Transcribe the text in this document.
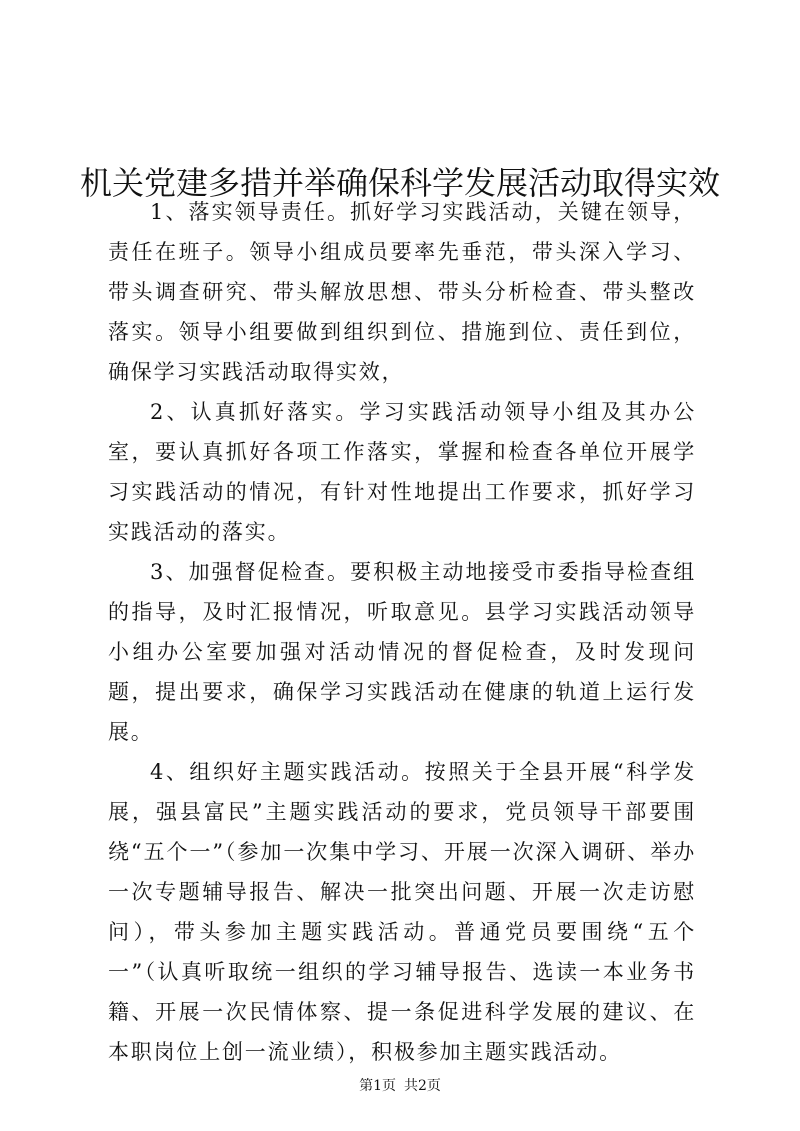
机关党建多措并举确保科学发展活动取得实效

1、落实领导责任。抓好学习实践活动，关键在领导，责任在班子。领导小组成员要率先垂范，带头深入学习、带头调查研究、带头解放思想、带头分析检查、带头整改落实。领导小组要做到组织到位、措施到位、责任到位，确保学习实践活动取得实效，

2、认真抓好落实。学习实践活动领导小组及其办公室，要认真抓好各项工作落实，掌握和检查各单位开展学习实践活动的情况，有针对性地提出工作要求，抓好学习实践活动的落实。

3、加强督促检查。要积极主动地接受市委指导检查组的指导，及时汇报情况，听取意见。县学习实践活动领导小组办公室要加强对活动情况的督促检查，及时发现问题，提出要求，确保学习实践活动在健康的轨道上运行发展。

4、组织好主题实践活动。按照关于全县开展“科学发展，强县富民”主题实践活动的要求，党员领导干部要围绕“五个一”（参加一次集中学习、开展一次深入调研、举办一次专题辅导报告、解决一批突出问题、开展一次走访慰问），带头参加主题实践活动。普通党员要围绕“五个一”（认真听取统一组织的学习辅导报告、选读一本业务书籍、开展一次民情体察、提一条促进科学发展的建议、在本职岗位上创一流业绩），积极参加主题实践活动。

第1页 共2页
